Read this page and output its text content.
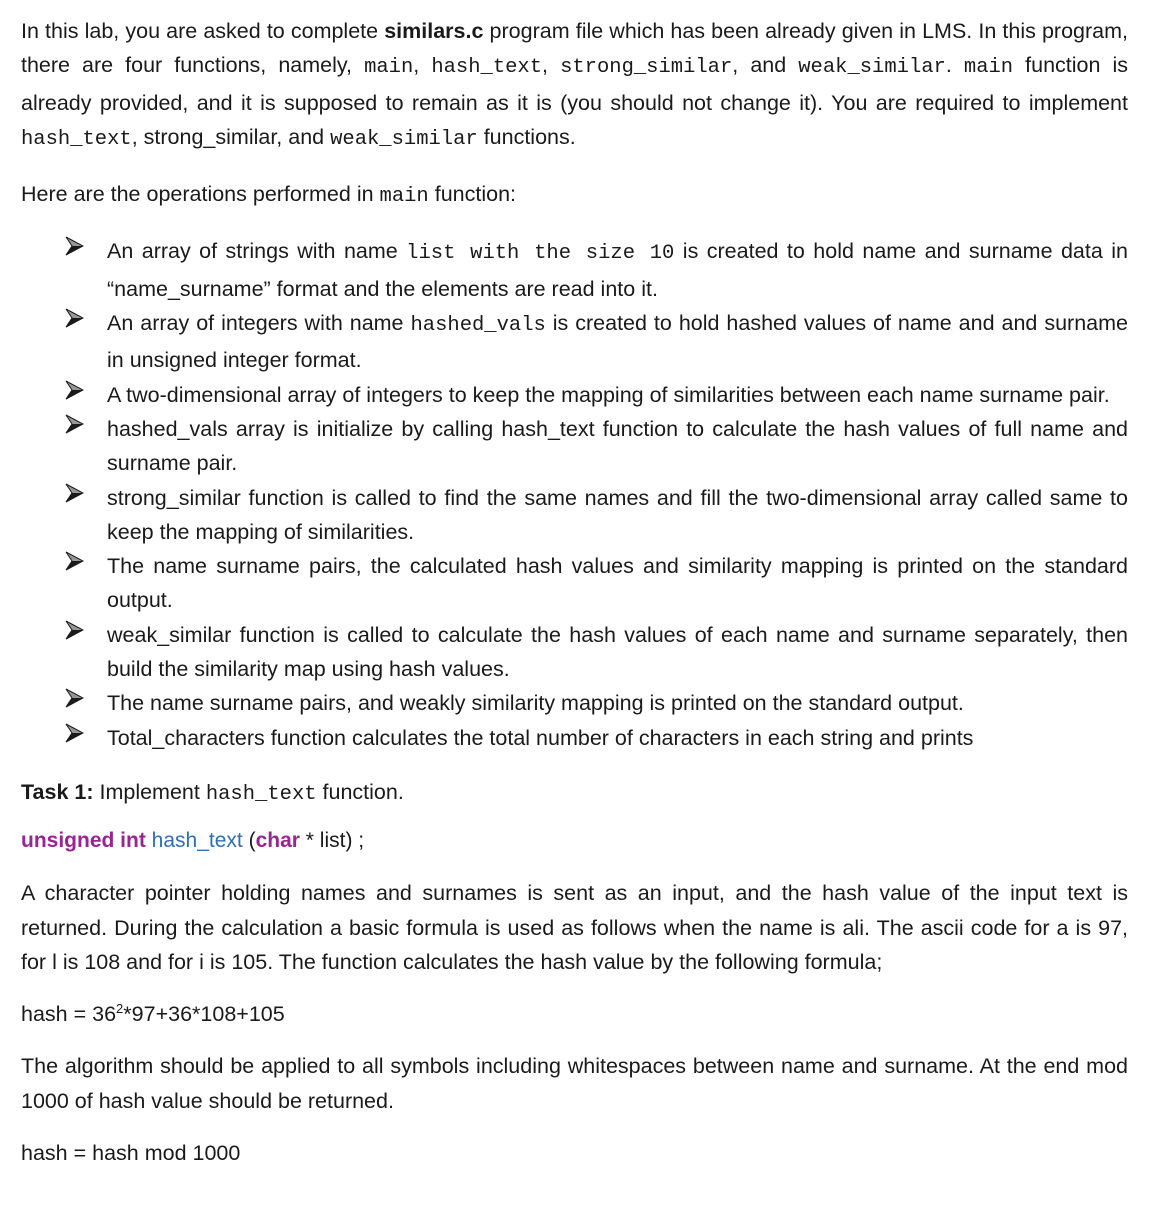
In this lab, you are asked to complete similars.c program file which has been already given in LMS. In this program, there are four functions, namely, main, hash_text, strong_similar, and weak_similar. main function is already provided, and it is supposed to remain as it is (you should not change it). You are required to implement hash_text, strong_similar, and weak_similar functions.

Here are the operations performed in main function:

An array of strings with name list with the size 10 is created to hold name and surname data in “name_surname” format and the elements are read into it.
An array of integers with name hashed_vals is created to hold hashed values of name and and surname in unsigned integer format.
A two-dimensional array of integers to keep the mapping of similarities between each name surname pair.
hashed_vals array is initialize by calling hash_text function to calculate the hash values of full name and surname pair.
strong_similar function is called to find the same names and fill the two-dimensional array called same to keep the mapping of similarities.
The name surname pairs, the calculated hash values and similarity mapping is printed on the standard output.
weak_similar function is called to calculate the hash values of each name and surname separately, then build the similarity map using hash values.
The name surname pairs, and weakly similarity mapping is printed on the standard output.
Total_characters function calculates the total number of characters in each string and prints

Task 1: Implement hash_text function.

unsigned int hash_text (char * list) ;

A character pointer holding names and surnames is sent as an input, and the hash value of the input text is returned. During the calculation a basic formula is used as follows when the name is ali. The ascii code for a is 97, for l is 108 and for i is 105. The function calculates the hash value by the following formula;

hash = $36^2*97+36*108+105$

The algorithm should be applied to all symbols including whitespaces between name and surname. At the end mod 1000 of hash value should be returned.

hash = hash mod 1000
